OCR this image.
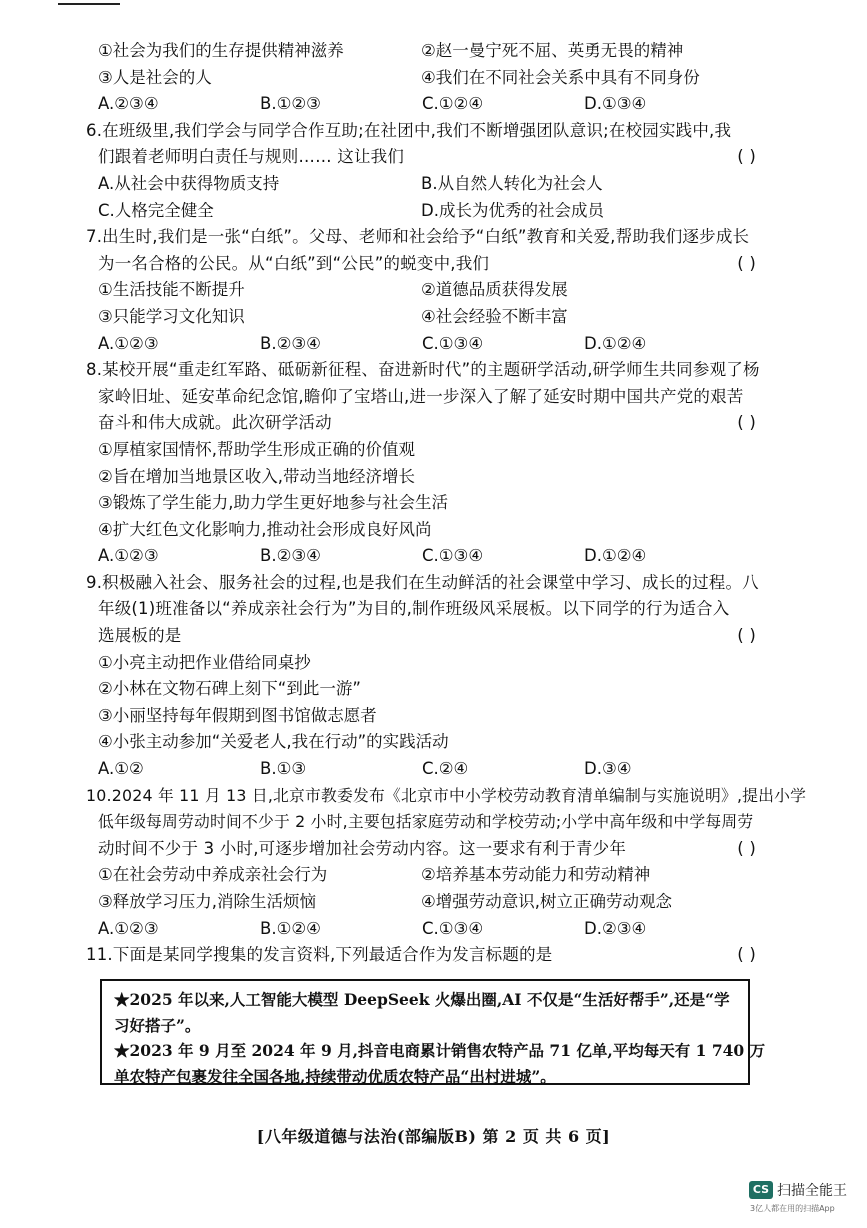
①社会为我们的生存提供精神滋养	②赵一曼宁死不屈、英勇无畏的精神
③人是社会的人	④我们在不同社会关系中具有不同身份
A.②③④	B.①②③	C.①②④	D.①③④
6.在班级里,我们学会与同学合作互助;在社团中,我们不断增强团队意识;在校园实践中,我
们跟着老师明白责任与规则…… 这让我们	( )
A.从社会中获得物质支持	B.从自然人转化为社会人
C.人格完全健全	D.成长为优秀的社会成员
7.出生时,我们是一张“白纸”。父母、老师和社会给予“白纸”教育和关爱,帮助我们逐步成长
为一名合格的公民。从“白纸”到“公民”的蜕变中,我们	( )
①生活技能不断提升	②道德品质获得发展
③只能学习文化知识	④社会经验不断丰富
A.①②③	B.②③④	C.①③④	D.①②④
8.某校开展“重走红军路、砥砺新征程、奋进新时代”的主题研学活动,研学师生共同参观了杨
家岭旧址、延安革命纪念馆,瞻仰了宝塔山,进一步深入了解了延安时期中国共产党的艰苦
奋斗和伟大成就。此次研学活动	( )
①厚植家国情怀,帮助学生形成正确的价值观
②旨在增加当地景区收入,带动当地经济增长
③锻炼了学生能力,助力学生更好地参与社会生活
④扩大红色文化影响力,推动社会形成良好风尚
A.①②③	B.②③④	C.①③④	D.①②④
9.积极融入社会、服务社会的过程,也是我们在生动鲜活的社会课堂中学习、成长的过程。八
年级(1)班准备以“养成亲社会行为”为目的,制作班级风采展板。以下同学的行为适合入
选展板的是	( )
①小亮主动把作业借给同桌抄
②小林在文物石碑上刻下“到此一游”
③小丽坚持每年假期到图书馆做志愿者
④小张主动参加“关爱老人,我在行动”的实践活动
A.①②	B.①③	C.②④	D.③④
10.2024 年 11 月 13 日,北京市教委发布《北京市中小学校劳动教育清单编制与实施说明》,提出小学
低年级每周劳动时间不少于 2 小时,主要包括家庭劳动和学校劳动;小学中高年级和中学每周劳
动时间不少于 3 小时,可逐步增加社会劳动内容。这一要求有利于青少年	( )
①在社会劳动中养成亲社会行为	②培养基本劳动能力和劳动精神
③释放学习压力,消除生活烦恼	④增强劳动意识,树立正确劳动观念
A.①②③	B.①②④	C.①③④	D.②③④
11.下面是某同学搜集的发言资料,下列最适合作为发言标题的是	( )
★2025 年以来,人工智能大模型 DeepSeek 火爆出圈,AI 不仅是“生活好帮手”,还是“学
习好搭子”。
★2023 年 9 月至 2024 年 9 月,抖音电商累计销售农特产品 71 亿单,平均每天有 1 740 万
单农特产包裹发往全国各地,持续带动优质农特产品“出村进城”。
[八年级道德与法治(部编版B) 第 2 页 共 6 页]
CS 扫描全能王
3亿人都在用的扫描App
